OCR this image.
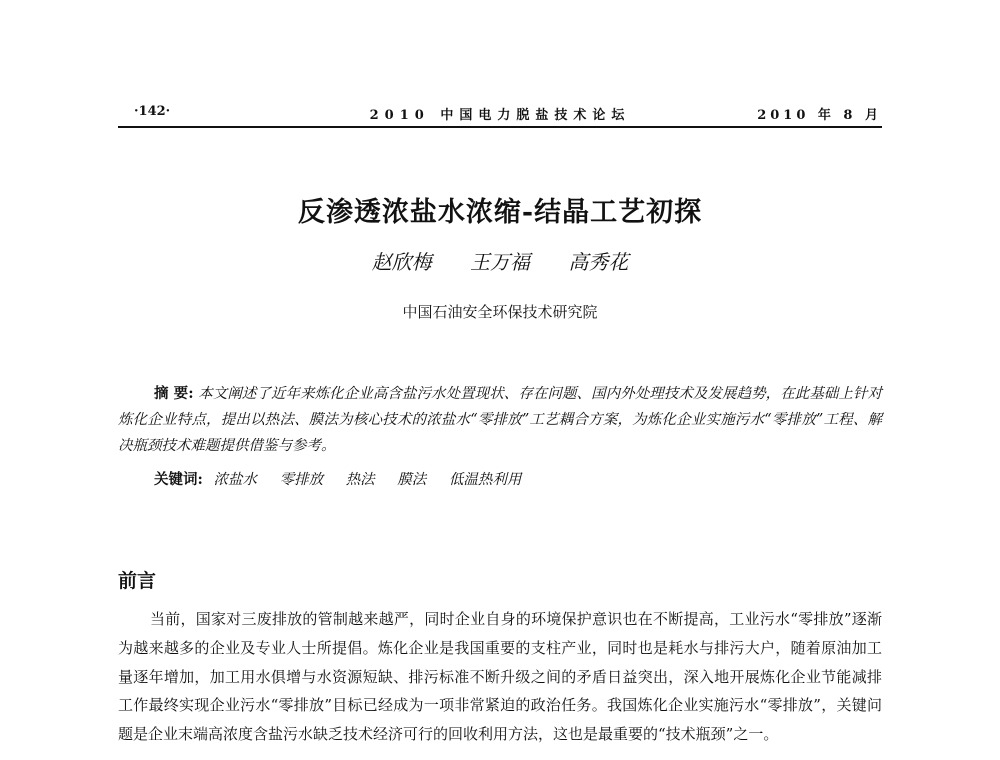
·142·	2010 中国电力脱盐技术论坛	2010 年 8 月
反渗透浓盐水浓缩-结晶工艺初探
赵欣梅 王万福 高秀花
中国石油安全环保技术研究院
摘 要: 本文阐述了近年来炼化企业高含盐污水处置现状、存在问题、国内外处理技术及发展趋势，在此基础上针对炼化企业特点，提出以热法、膜法为核心技术的浓盐水“零排放”工艺耦合方案，为炼化企业实施污水“零排放”工程、解决瓶颈技术难题提供借鉴与参考。
关键词: 浓盐水 零排放 热法 膜法 低温热利用
前言

当前，国家对三废排放的管制越来越严，同时企业自身的环境保护意识也在不断提高，工业污水“零排放”逐渐为越来越多的企业及专业人士所提倡。炼化企业是我国重要的支柱产业，同时也是耗水与排污大户，随着原油加工量逐年增加，加工用水俱增与水资源短缺、排污标准不断升级之间的矛盾日益突出，深入地开展炼化企业节能减排工作最终实现企业污水“零排放”目标已经成为一项非常紧迫的政治任务。我国炼化企业实施污水“零排放”，关键问题是企业末端高浓度含盐污水缺乏技术经济可行的回收利用方法，这也是最重要的“技术瓶颈”之一。
